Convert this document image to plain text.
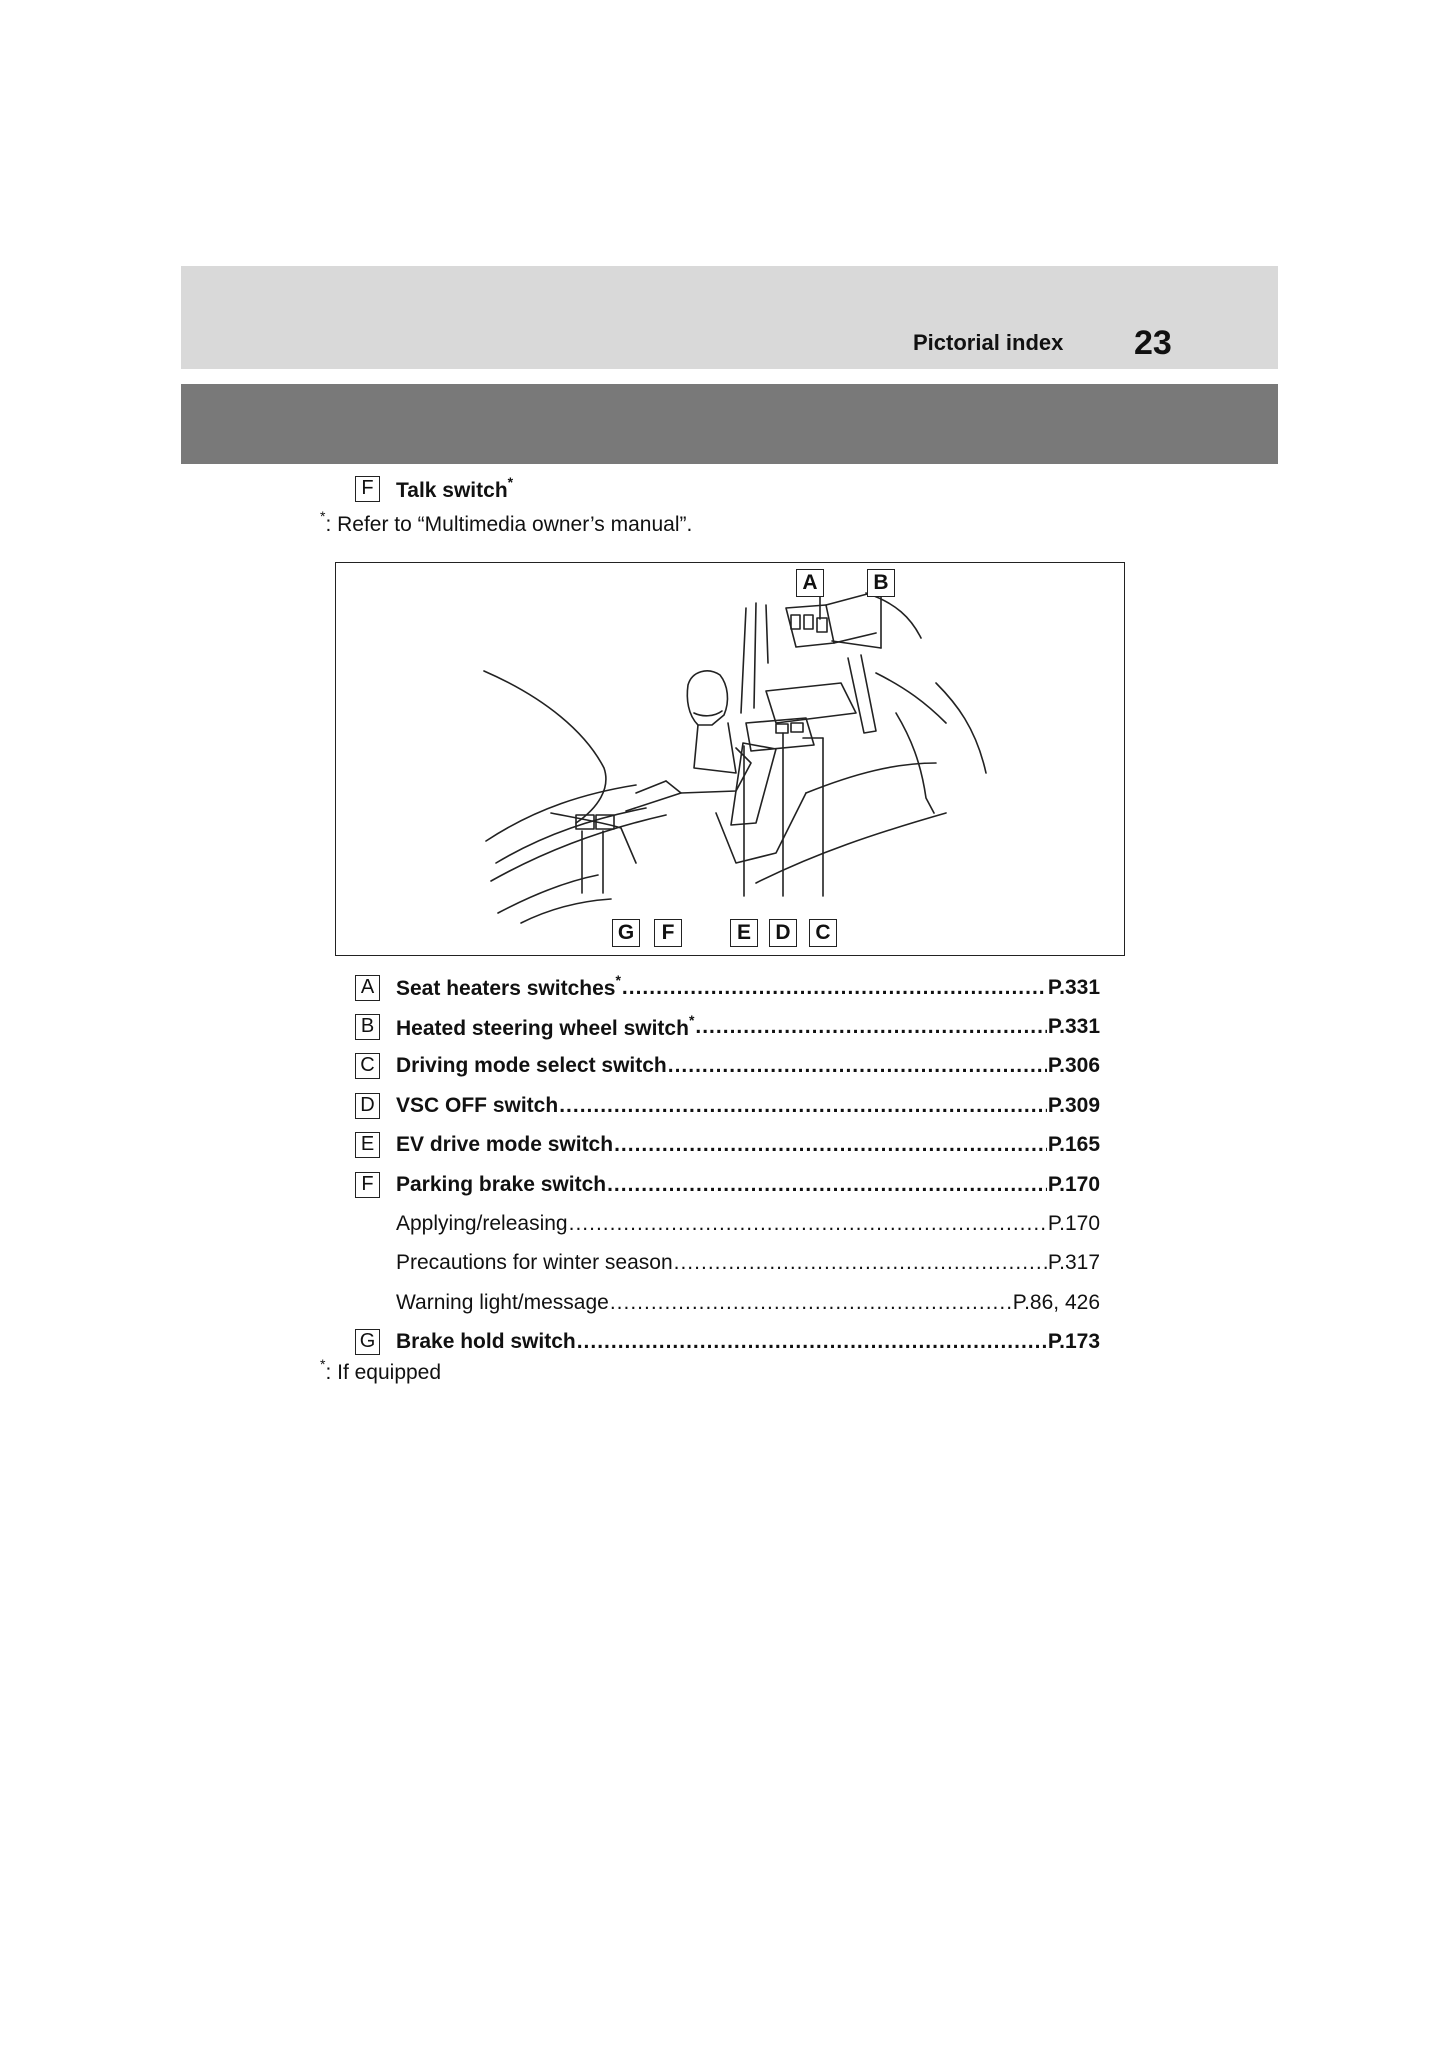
Pictorial index 23
F	Talk switch*
*: Refer to “Multimedia owner’s manual”.
A	B
G	F	E	D	C
A Seat heaters switches* .....	P.331
B Heated steering wheel switch* .....	P.331
C Driving mode select switch .....	P.306
D VSC OFF switch .....	P.309
E EV drive mode switch .....	P.165
F	Parking brake switch .....	P.170
Applying/releasing .....	P.170
Precautions for winter season .....	P.317
Warning light/message .....	P.86, 426
G Brake hold switch .....	P.173
*: If equipped
